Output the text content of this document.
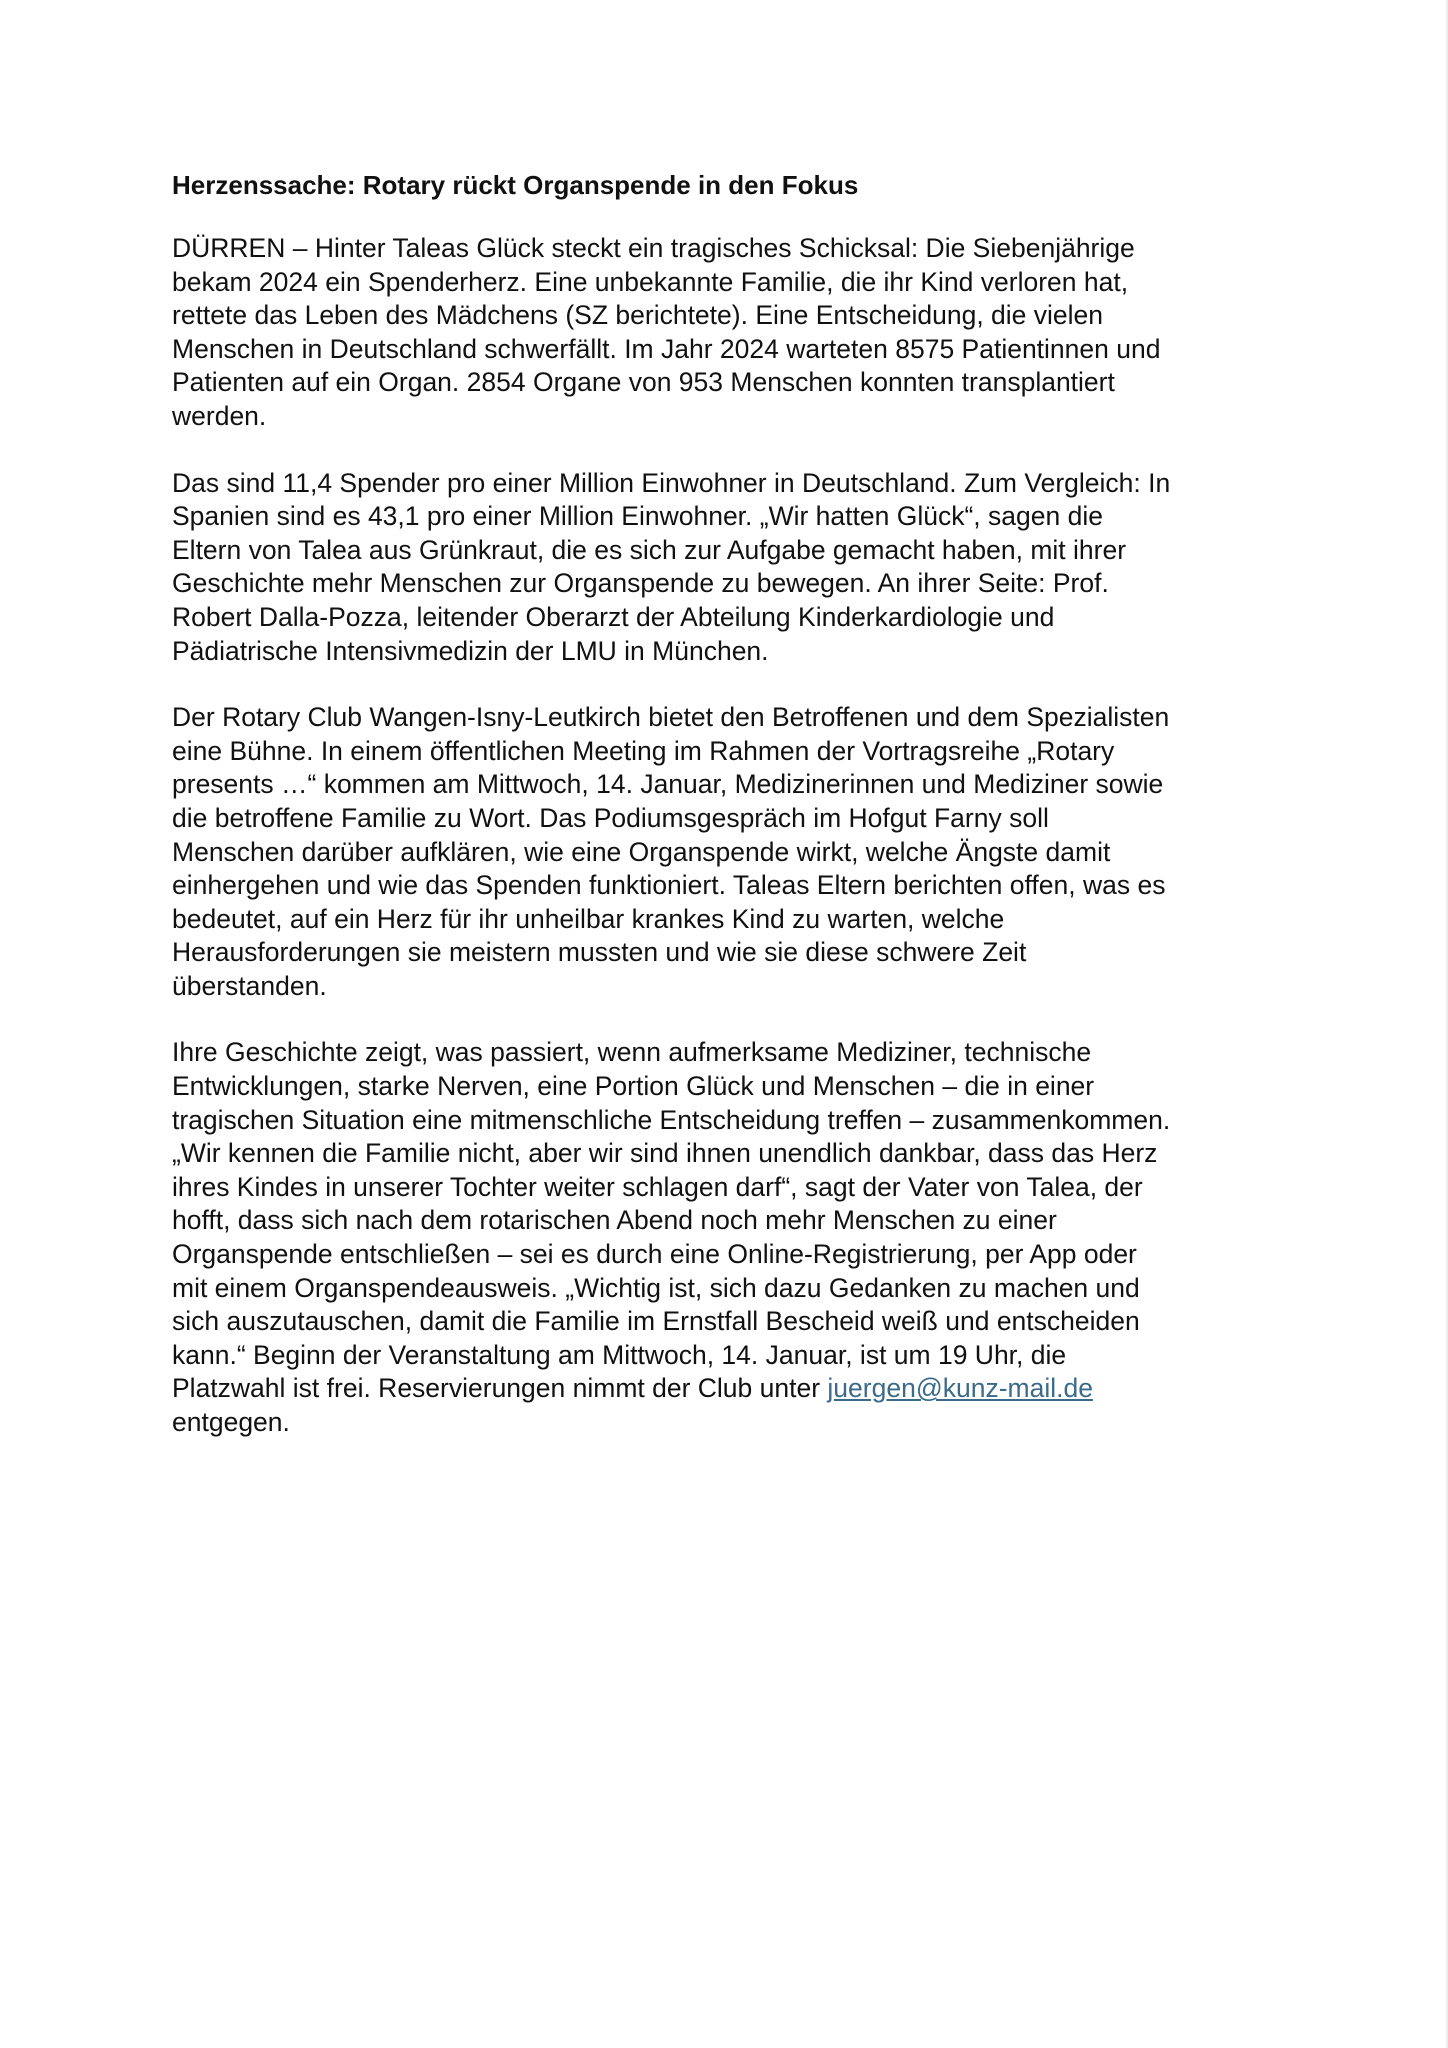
Herzenssache: Rotary rückt Organspende in den Fokus
DÜRREN – Hinter Taleas Glück steckt ein tragisches Schicksal: Die Siebenjährige
bekam 2024 ein Spenderherz. Eine unbekannte Familie, die ihr Kind verloren hat,
rettete das Leben des Mädchens (SZ berichtete). Eine Entscheidung, die vielen
Menschen in Deutschland schwerfällt. Im Jahr 2024 warteten 8575 Patientinnen und
Patienten auf ein Organ. 2854 Organe von 953 Menschen konnten transplantiert
werden.
Das sind 11,4 Spender pro einer Million Einwohner in Deutschland. Zum Vergleich: In
Spanien sind es 43,1 pro einer Million Einwohner. „Wir hatten Glück“, sagen die
Eltern von Talea aus Grünkraut, die es sich zur Aufgabe gemacht haben, mit ihrer
Geschichte mehr Menschen zur Organspende zu bewegen. An ihrer Seite: Prof.
Robert Dalla-Pozza, leitender Oberarzt der Abteilung Kinderkardiologie und
Pädiatrische Intensivmedizin der LMU in München.
Der Rotary Club Wangen-Isny-Leutkirch bietet den Betroffenen und dem Spezialisten
eine Bühne. In einem öffentlichen Meeting im Rahmen der Vortragsreihe „Rotary
presents …“ kommen am Mittwoch, 14. Januar, Medizinerinnen und Mediziner sowie
die betroffene Familie zu Wort. Das Podiumsgespräch im Hofgut Farny soll
Menschen darüber aufklären, wie eine Organspende wirkt, welche Ängste damit
einhergehen und wie das Spenden funktioniert. Taleas Eltern berichten offen, was es
bedeutet, auf ein Herz für ihr unheilbar krankes Kind zu warten, welche
Herausforderungen sie meistern mussten und wie sie diese schwere Zeit
überstanden.
Ihre Geschichte zeigt, was passiert, wenn aufmerksame Mediziner, technische
Entwicklungen, starke Nerven, eine Portion Glück und Menschen – die in einer
tragischen Situation eine mitmenschliche Entscheidung treffen – zusammenkommen.
„Wir kennen die Familie nicht, aber wir sind ihnen unendlich dankbar, dass das Herz
ihres Kindes in unserer Tochter weiter schlagen darf“, sagt der Vater von Talea, der
hofft, dass sich nach dem rotarischen Abend noch mehr Menschen zu einer
Organspende entschließen – sei es durch eine Online-Registrierung, per App oder
mit einem Organspendeausweis. „Wichtig ist, sich dazu Gedanken zu machen und
sich auszutauschen, damit die Familie im Ernstfall Bescheid weiß und entscheiden
kann.“ Beginn der Veranstaltung am Mittwoch, 14. Januar, ist um 19 Uhr, die
Platzwahl ist frei. Reservierungen nimmt der Club unter juergen@kunz-mail.de
entgegen.
